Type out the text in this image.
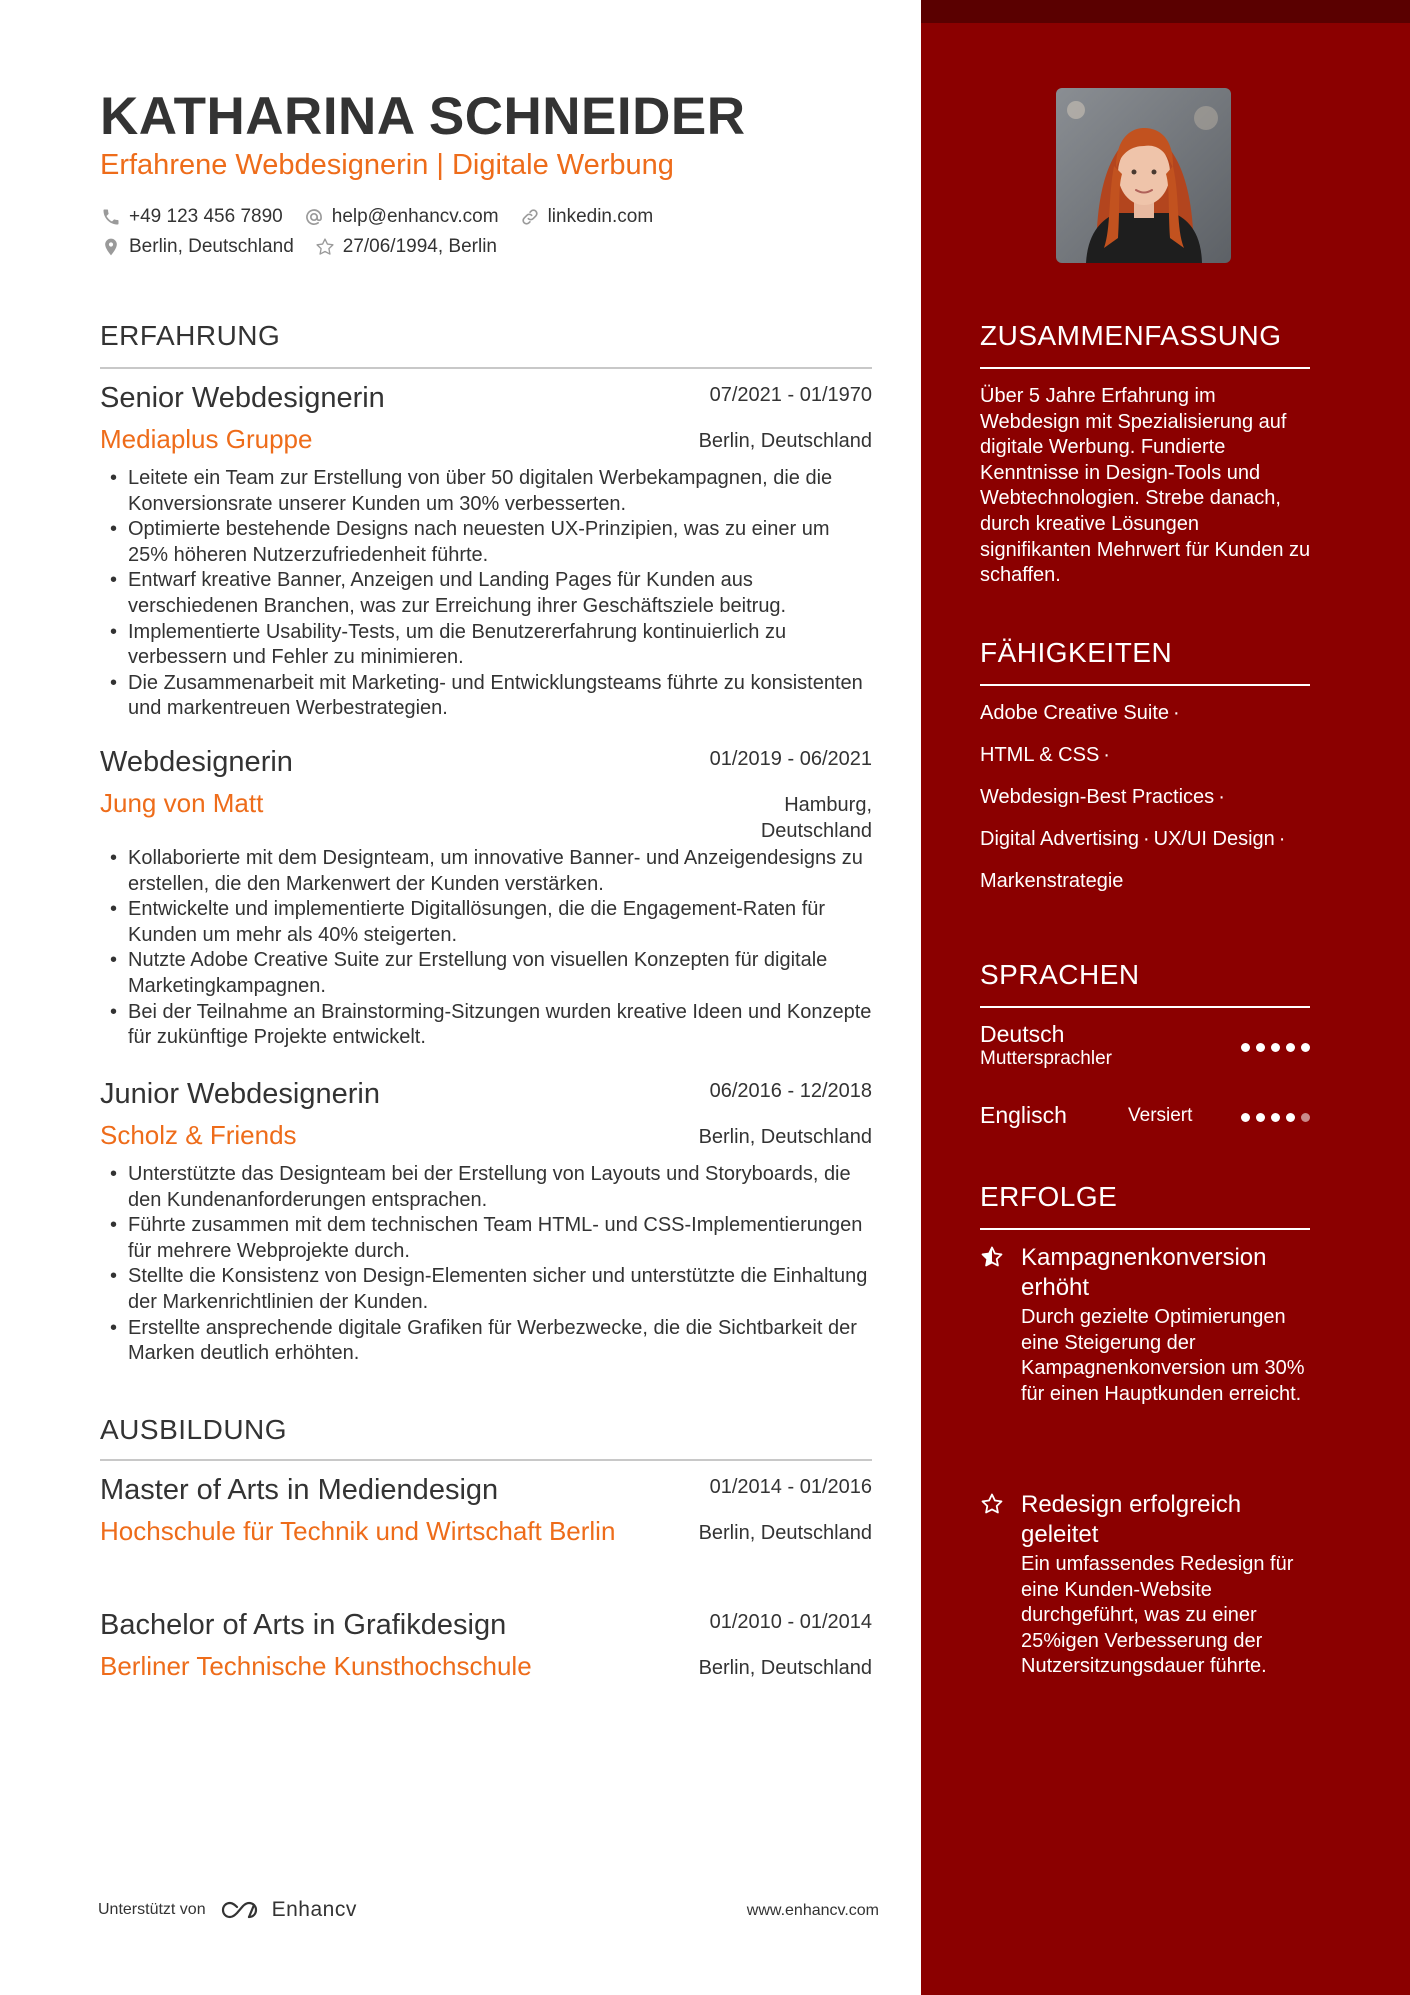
KATHARINA SCHNEIDER
Erfahrene Webdesignerin | Digitale Werbung
+49 123 456 7890	help@enhancv.com	linkedin.com
Berlin, Deutschland	27/06/1994, Berlin
ERFAHRUNG
Senior Webdesignerin	07/2021 - 01/1970
Mediaplus Gruppe	Berlin, Deutschland
• Leitete ein Team zur Erstellung von über 50 digitalen Werbekampagnen, die die Konversionsrate unserer Kunden um 30% verbesserten.
• Optimierte bestehende Designs nach neuesten UX-Prinzipien, was zu einer um 25% höheren Nutzerzufriedenheit führte.
• Entwarf kreative Banner, Anzeigen und Landing Pages für Kunden aus verschiedenen Branchen, was zur Erreichung ihrer Geschäftsziele beitrug.
• Implementierte Usability-Tests, um die Benutzererfahrung kontinuierlich zu verbessern und Fehler zu minimieren.
• Die Zusammenarbeit mit Marketing- und Entwicklungsteams führte zu konsistenten und markentreuen Werbestrategien.
Webdesignerin	01/2019 - 06/2021
Jung von Matt	Hamburg,
Deutschland
• Kollaborierte mit dem Designteam, um innovative Banner- und Anzeigendesigns zu erstellen, die den Markenwert der Kunden verstärken.
• Entwickelte und implementierte Digitallösungen, die die Engagement-Raten für Kunden um mehr als 40% steigerten.
• Nutzte Adobe Creative Suite zur Erstellung von visuellen Konzepten für digitale Marketingkampagnen.
• Bei der Teilnahme an Brainstorming-Sitzungen wurden kreative Ideen und Konzepte für zukünftige Projekte entwickelt.
Junior Webdesignerin	06/2016 - 12/2018
Scholz & Friends	Berlin, Deutschland
• Unterstützte das Designteam bei der Erstellung von Layouts und Storyboards, die den Kundenanforderungen entsprachen.
• Führte zusammen mit dem technischen Team HTML- und CSS-Implementierungen für mehrere Webprojekte durch.
• Stellte die Konsistenz von Design-Elementen sicher und unterstützte die Einhaltung der Markenrichtlinien der Kunden.
• Erstellte ansprechende digitale Grafiken für Werbezwecke, die die Sichtbarkeit der Marken deutlich erhöhten.
AUSBILDUNG
Master of Arts in Mediendesign	01/2014 - 01/2016
Hochschule für Technik und Wirtschaft Berlin	Berlin, Deutschland
Bachelor of Arts in Grafikdesign	01/2010 - 01/2014
Berliner Technische Kunsthochschule	Berlin, Deutschland
Unterstützt von	Enhancv	www.enhancv.com
ZUSAMMENFASSUNG
Über 5 Jahre Erfahrung im Webdesign mit Spezialisierung auf digitale Werbung. Fundierte Kenntnisse in Design-Tools und Webtechnologien. Strebe danach, durch kreative Lösungen signifikanten Mehrwert für Kunden zu schaffen.
FÄHIGKEITEN
Adobe Creative Suite ·
HTML & CSS ·
Webdesign-Best Practices ·
Digital Advertising · UX/UI Design ·
Markenstrategie
SPRACHEN
Deutsch
Muttersprachler
Englisch	Versiert
ERFOLGE
Kampagnenkonversion erhöht
Durch gezielte Optimierungen eine Steigerung der Kampagnenkonversion um 30% für einen Hauptkunden erreicht.
Redesign erfolgreich geleitet
Ein umfassendes Redesign für eine Kunden-Website durchgeführt, was zu einer 25%igen Verbesserung der Nutzersitzungsdauer führte.
